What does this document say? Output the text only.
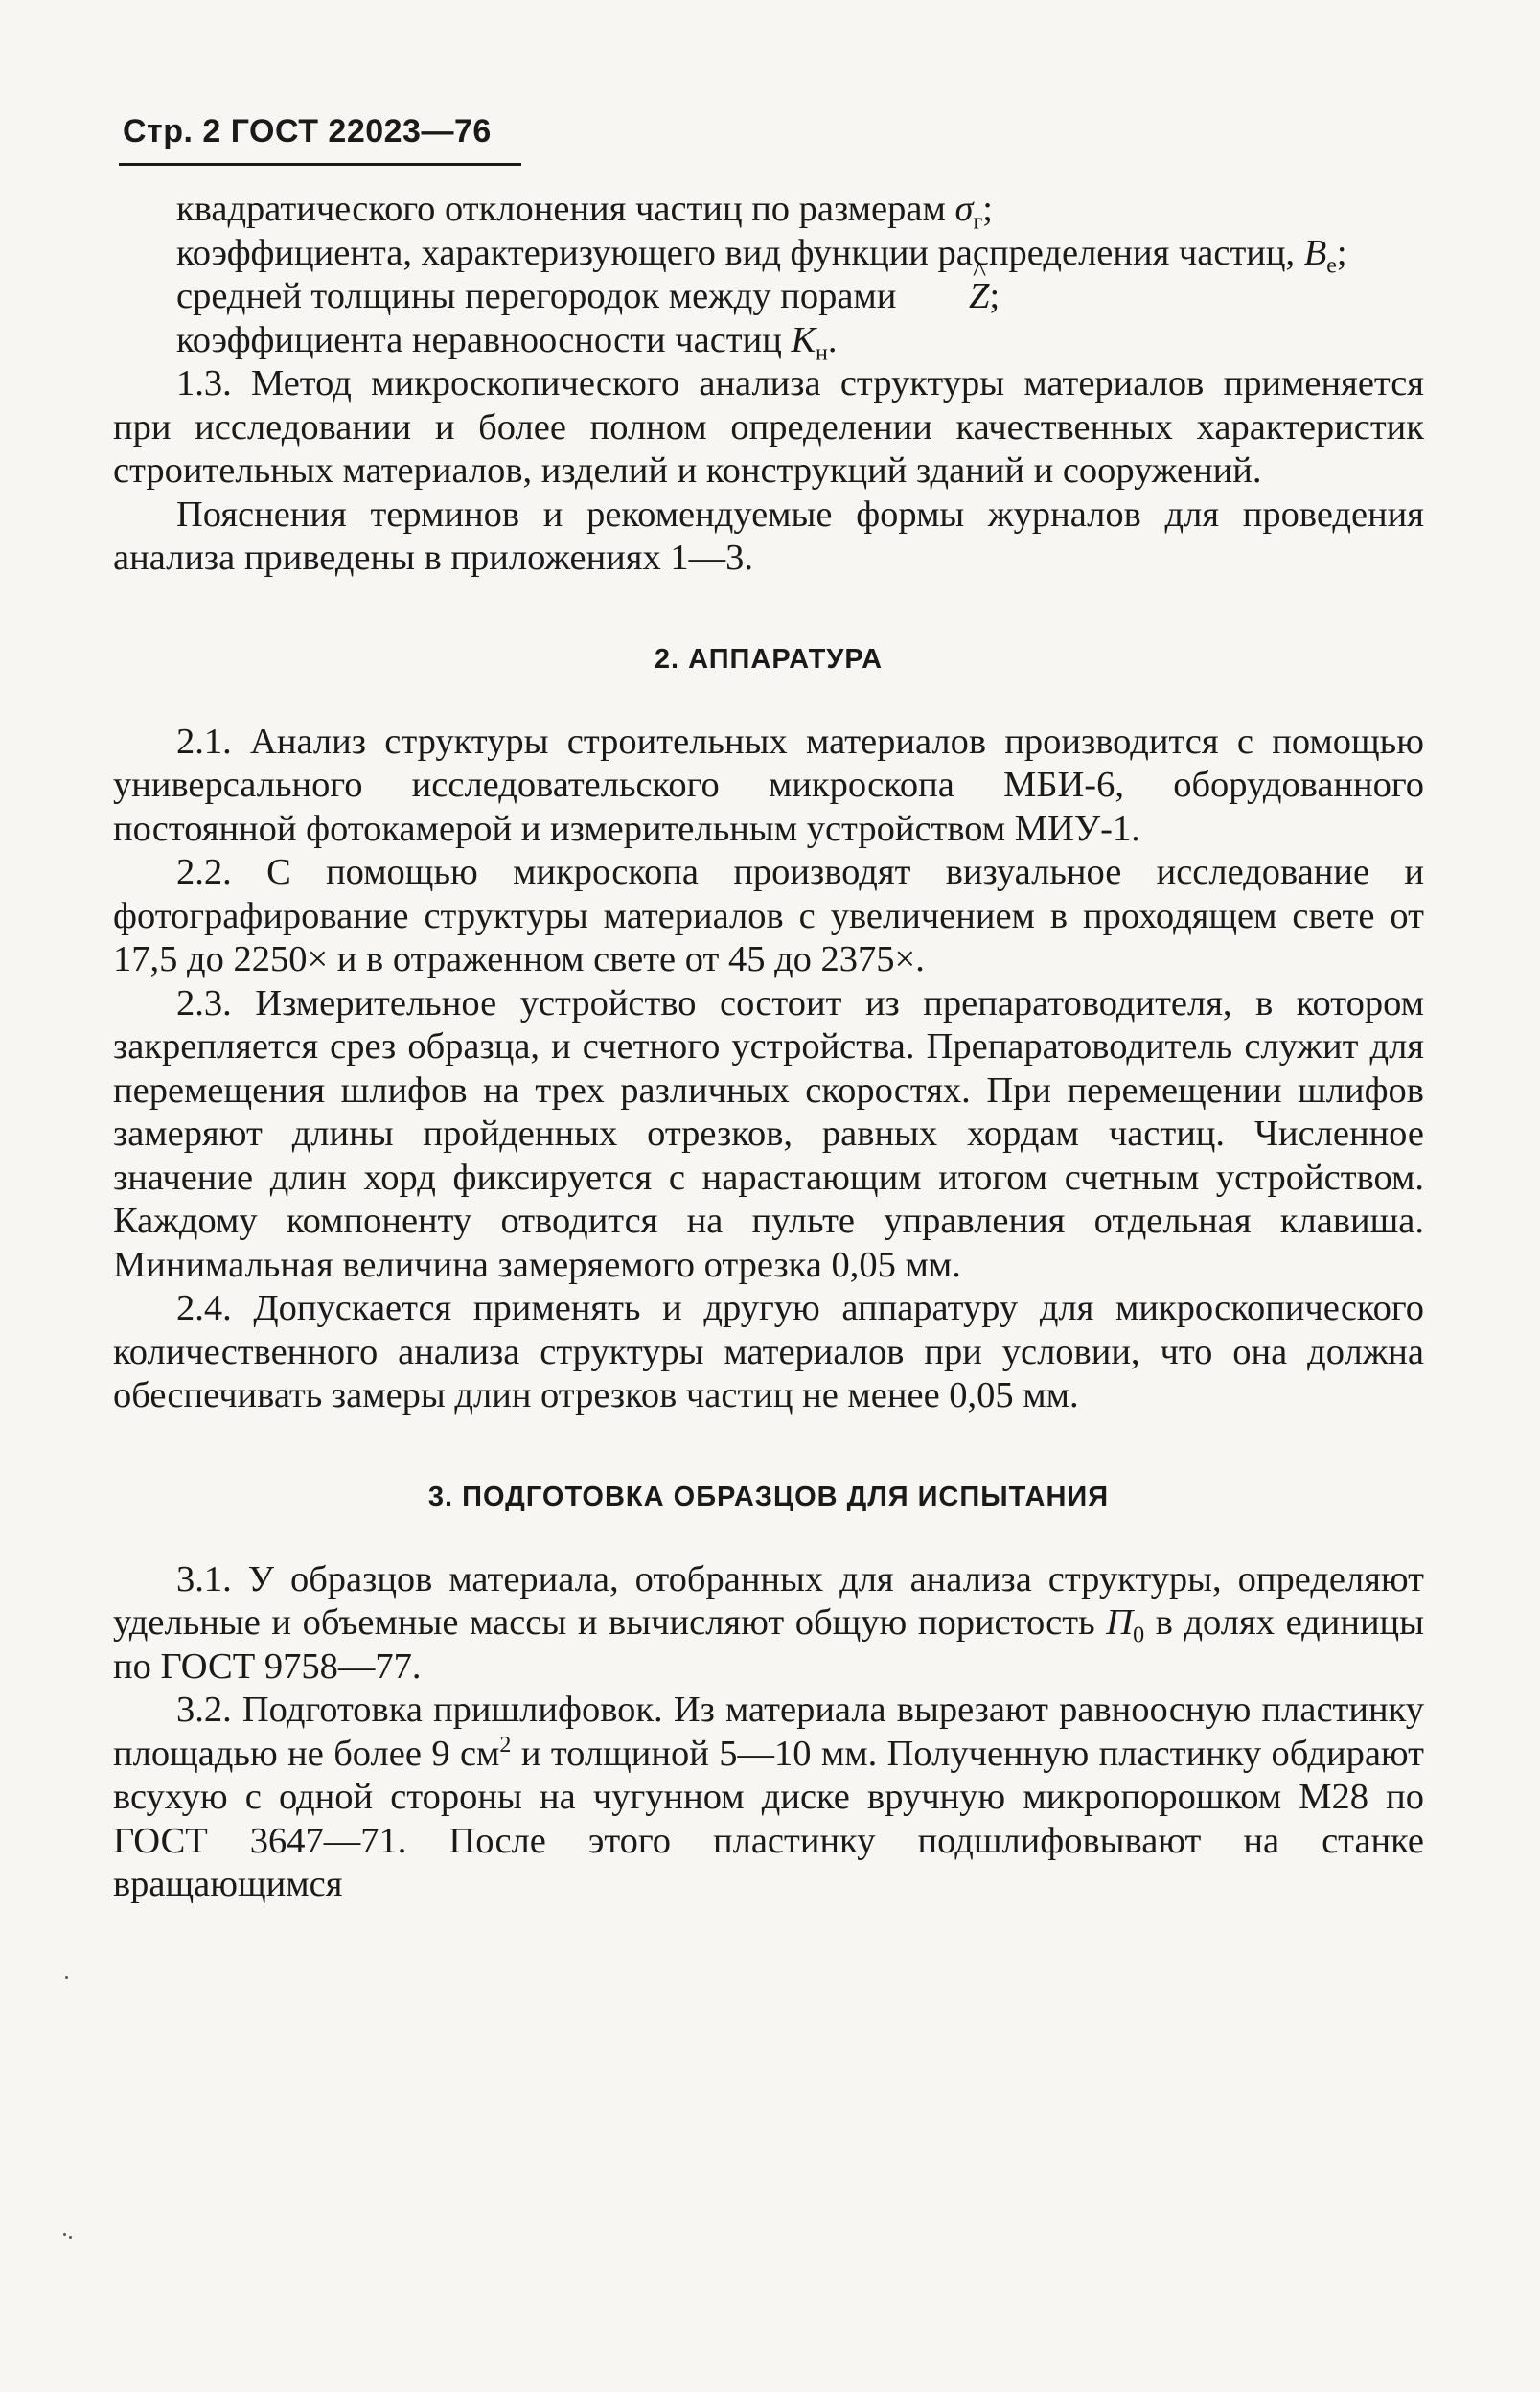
Стр. 2 ГОСТ 22023—76

квадратического отклонения частиц по размерам $\sigma_г$;

коэффициента, характеризующего вид функции распределения частиц, $В_e$;

средней толщины перегородок между порами ^ Z;

коэффициента неравноосности частиц $К_н$.

1.3. Метод микроскопического анализа структуры материалов применяется при исследовании и более полном определении качественных характеристик строительных материалов, изделий и конструкций зданий и сооружений.

Пояснения терминов и рекомендуемые формы журналов для проведения анализа приведены в приложениях 1—3.

2. АППАРАТУРА

2.1. Анализ структуры строительных материалов производится с помощью универсального исследовательского микроскопа МБИ-6, оборудованного постоянной фотокамерой и измерительным устройством МИУ-1.

2.2. С помощью микроскопа производят визуальное исследование и фотографирование структуры материалов с увеличением в проходящем свете от 17,5 до 2250× и в отраженном свете от 45 до 2375×.

2.3. Измерительное устройство состоит из препаратоводителя, в котором закрепляется срез образца, и счетного устройства. Препаратоводитель служит для перемещения шлифов на трех различных скоростях. При перемещении шлифов замеряют длины пройденных отрезков, равных хордам частиц. Численное значение длин хорд фиксируется с нарастающим итогом счетным устройством. Каждому компоненту отводится на пульте управления отдельная клавиша. Минимальная величина замеряемого отрезка 0,05 мм.

2.4. Допускается применять и другую аппаратуру для микроскопического количественного анализа структуры материалов при условии, что она должна обеспечивать замеры длин отрезков частиц не менее 0,05 мм.

3. ПОДГОТОВКА ОБРАЗЦОВ ДЛЯ ИСПЫТАНИЯ

3.1. У образцов материала, отобранных для анализа структуры, определяют удельные и объемные массы и вычисляют общую пористость $П_0$ в долях единицы по ГОСТ 9758—77.

3.2. Подготовка пришлифовок. Из материала вырезают равноосную пластинку площадью не более 9 $см^2$ и толщиной 5—10 мм. Полученную пластинку обдирают всухую с одной стороны на чугунном диске вручную микропорошком М28 по ГОСТ 3647—71. После этого пластинку подшлифовывают на станке вращающимся
